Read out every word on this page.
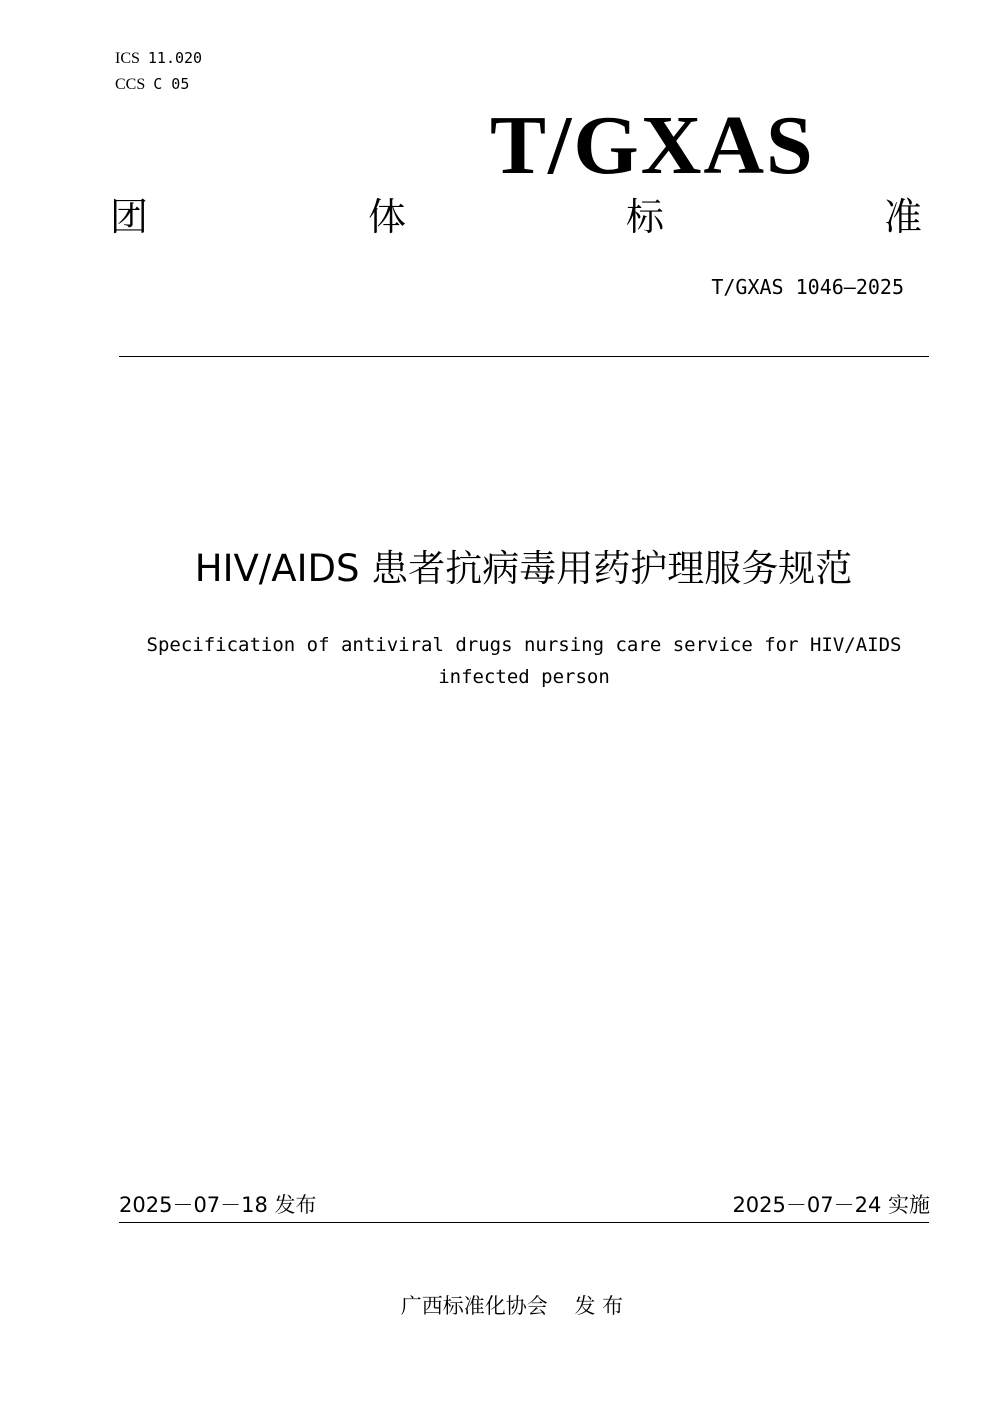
ICS 11.020
CCS C 05
T/GXAS
团	体	标	准
T/GXAS 1046—2025
HIV/AIDS 患者抗病毒用药护理服务规范
Specification of antiviral drugs nursing care service for HIV/AIDS
infected person
2025－07－18 发布	2025－07－24 实施
广西标准化协会    发 布
